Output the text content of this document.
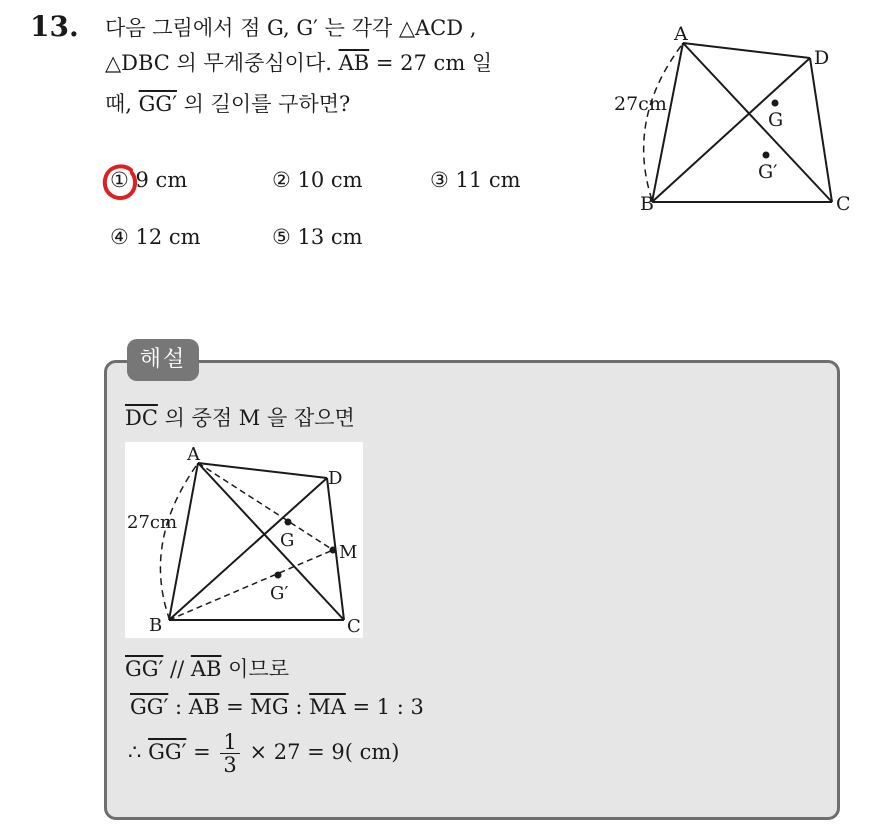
13. 다음 그림에서 점 G, G′ 는 각각 △ACD ,
△DBC 의 무게중심이다. $\overline{AB} = 27$ cm 일
때, GG′ 의 길이를 구하면?
① 9 cm	② 10 cm	③ 11 cm
④ 12 cm	⑤ 13 cm
A
D
B	C
G
G′
27cm
해설
$\overline{DC}$ 의 중점 M 을 잡으면
A
D
B	C
G
G′
M
27cm
$GG' // \overline{AB}$ 이므로
GG′ : $\overline{AB} = \overline{MG}$ : $\overline{MA} = 1$ : 3
∴ $GG' = \frac{1}{3} \times 27 = 9$( cm)
